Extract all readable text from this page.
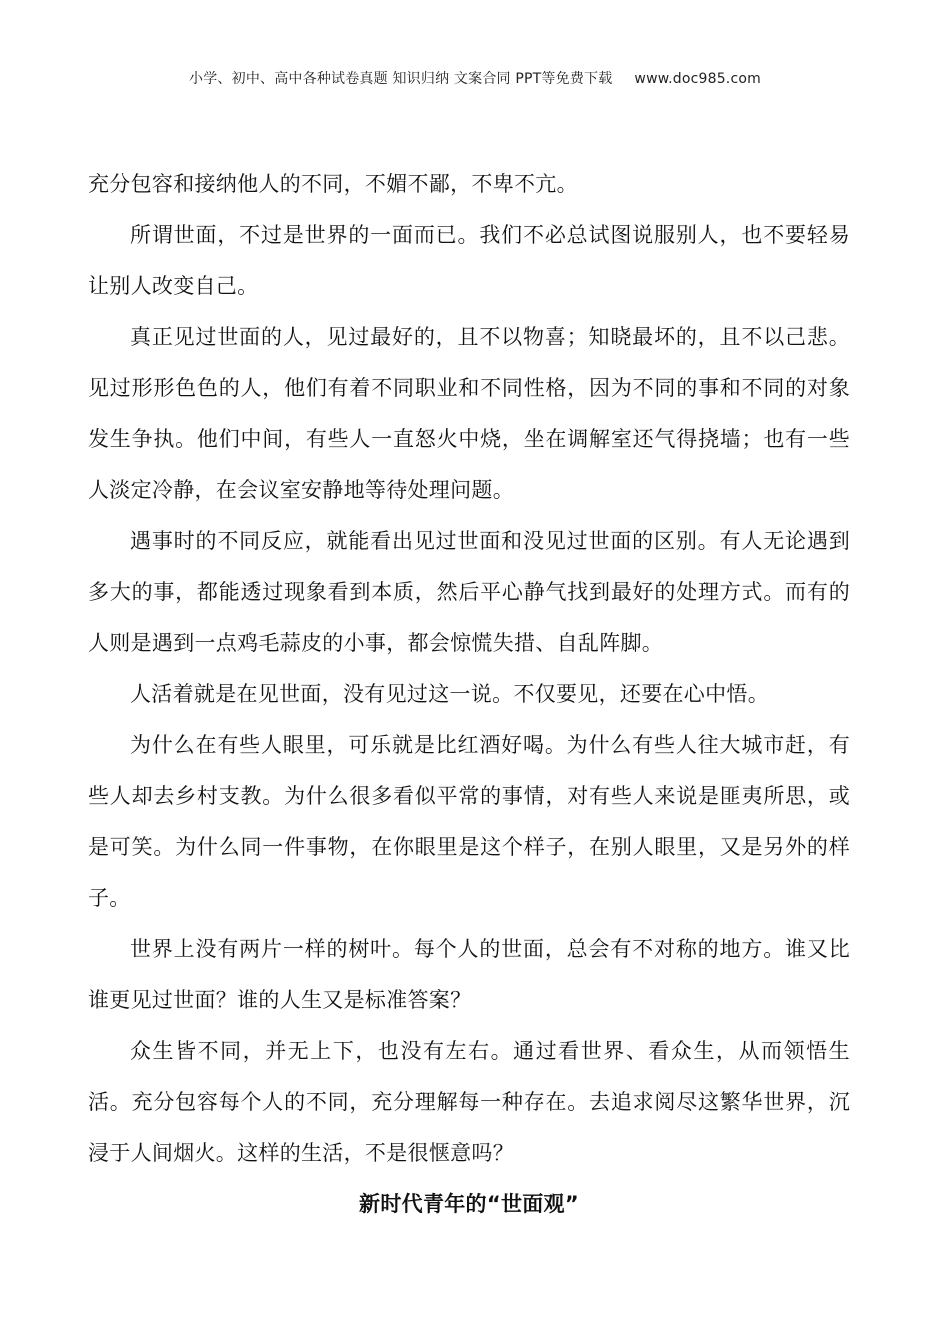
小学、初中、高中各种试卷真题 知识归纳 文案合同 PPT等免费下载 www.doc985.com

充分包容和接纳他人的不同，不媚不鄙，不卑不亢。

所谓世面，不过是世界的一面而已。我们不必总试图说服别人，也不要轻易让别人改变自己。

真正见过世面的人，见过最好的，且不以物喜；知晓最坏的，且不以己悲。见过形形色色的人，他们有着不同职业和不同性格，因为不同的事和不同的对象发生争执。他们中间，有些人一直怒火中烧，坐在调解室还气得挠墙；也有一些人淡定冷静，在会议室安静地等待处理问题。

遇事时的不同反应，就能看出见过世面和没见过世面的区别。有人无论遇到多大的事，都能透过现象看到本质，然后平心静气找到最好的处理方式。而有的人则是遇到一点鸡毛蒜皮的小事，都会惊慌失措、自乱阵脚。

人活着就是在见世面，没有见过这一说。不仅要见，还要在心中悟。

为什么在有些人眼里，可乐就是比红酒好喝。为什么有些人往大城市赶，有些人却去乡村支教。为什么很多看似平常的事情，对有些人来说是匪夷所思，或是可笑。为什么同一件事物，在你眼里是这个样子，在别人眼里，又是另外的样子。

世界上没有两片一样的树叶。每个人的世面，总会有不对称的地方。谁又比谁更见过世面？谁的人生又是标准答案？

众生皆不同，并无上下，也没有左右。通过看世界、看众生，从而领悟生活。充分包容每个人的不同，充分理解每一种存在。去追求阅尽这繁华世界，沉浸于人间烟火。这样的生活，不是很惬意吗？

新时代青年的“世面观”
